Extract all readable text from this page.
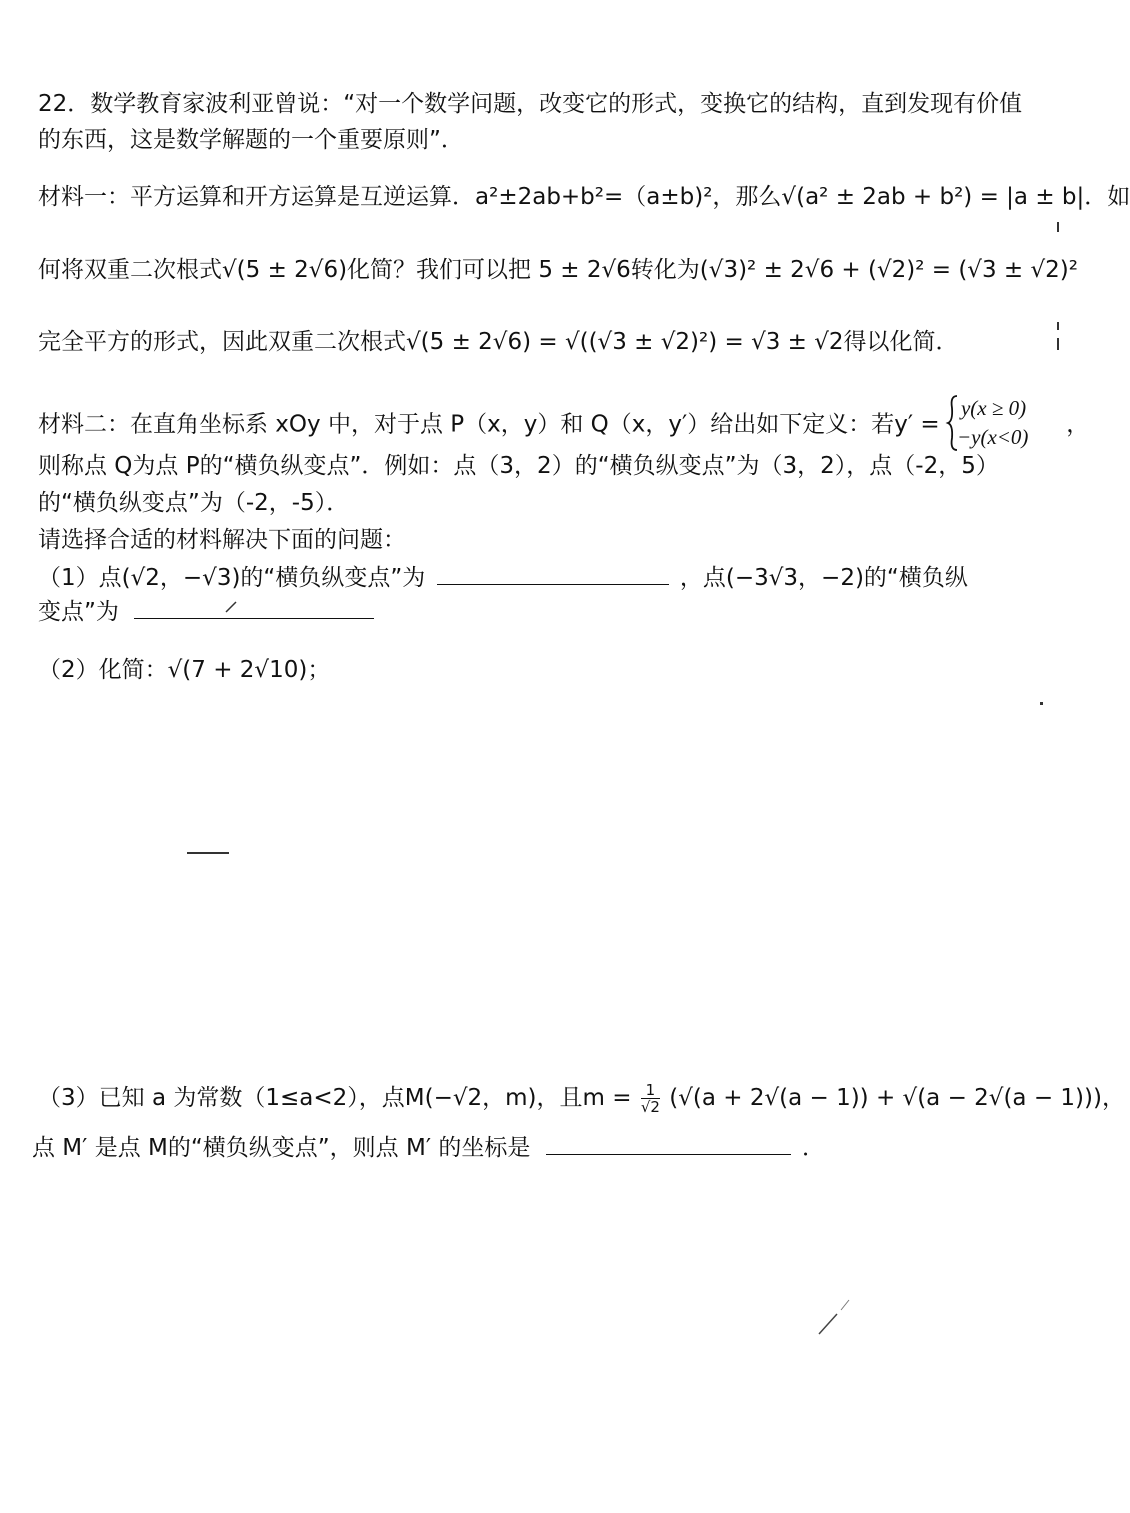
22．数学教育家波利亚曾说：“对一个数学问题，改变它的形式，变换它的结构，直到发现有价值
的东西，这是数学解题的一个重要原则”．
材料一：平方运算和开方运算是互逆运算．a²±2ab+b²=（a±b)²，那么√(a² ± 2ab + b²) = |a ± b|．如
何将双重二次根式√(5 ± 2√6)化简？我们可以把 5 ± 2√6转化为(√3)² ± 2√6 + (√2)² = (√3 ± √2)²
完全平方的形式，因此双重二次根式√(5 ± 2√6) = √((√3 ± √2)²) = √3 ± √2得以化简．
材料二：在直角坐标系 xOy 中，对于点 P（x，y）和 Q（x，y′）给出如下定义：若y′ =
y(x ≥ 0)
−y(x<0) ，
则称点 Q为点 P的“横负纵变点”．例如：点（3，2）的“横负纵变点”为（3，2），点（-2，5）
的“横负纵变点”为（-2，-5）．
请选择合适的材料解决下面的问题：
（1）点(√2，−√3)的“横负纵变点”为	，点(−3√3，−2)的“横负纵
变点”为
（2）化简：√(7 + 2√10)；
（3）已知 a 为常数（1≤a<2），点M(−√2，m)，且$m = \frac{1}{√2} (√(a + 2√(a - 1)) + √(a - 2√(a - 1)))$，
点 M′ 是点 M的“横负纵变点”，则点 M′ 的坐标是	．
